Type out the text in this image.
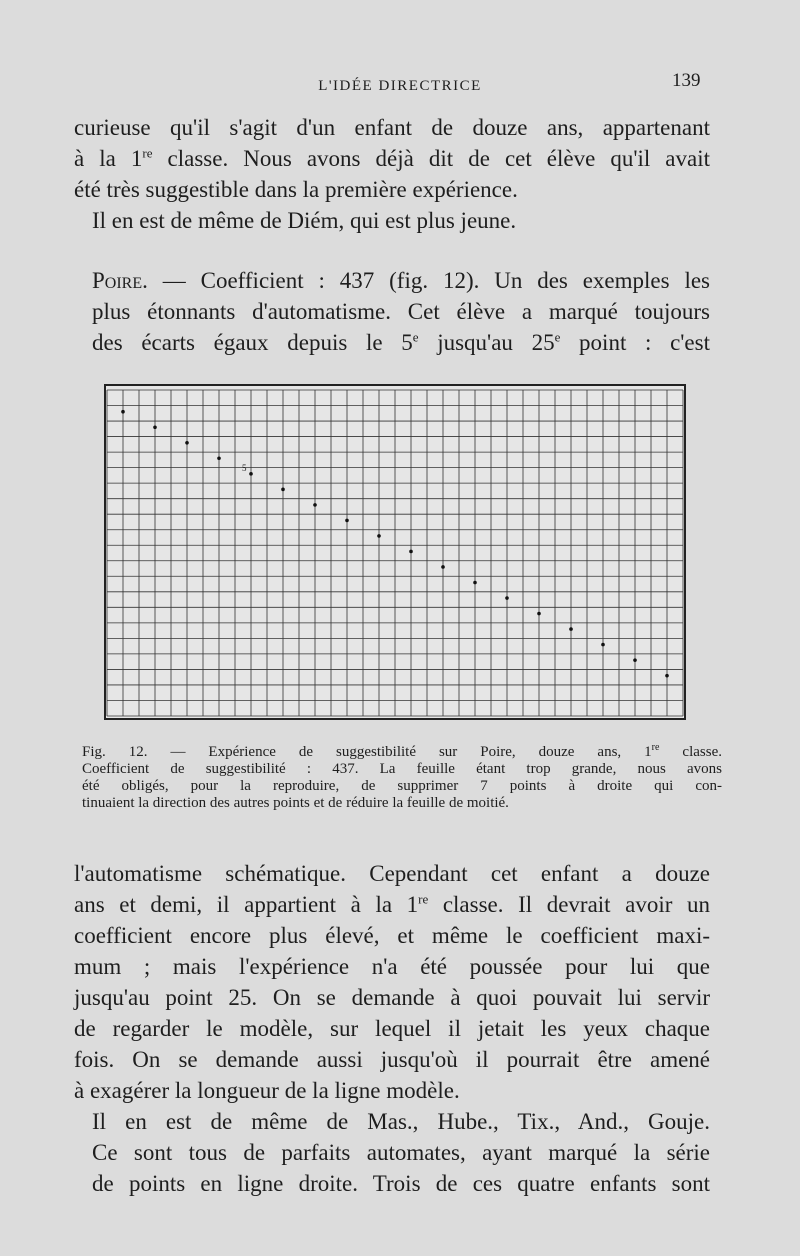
L'IDÉE DIRECTRICE	139

curieuse qu'il s'agit d'un enfant de douze ans, appartenant
à la 1re classe. Nous avons déjà dit de cet élève qu'il avait
été très suggestible dans la première expérience.

Il en est de même de Diém, qui est plus jeune.

Poire. — Coefficient : 437 (fig. 12). Un des exemples les
plus étonnants d'automatisme. Cet élève a marqué toujours
des écarts égaux depuis le 5e jusqu'au 25e point : c'est

5

Fig. 12. — Expérience de suggestibilité sur Poire, douze ans, 1re classe.
Coefficient de suggestibilité : 437. La feuille étant trop grande, nous avons
été obligés, pour la reproduire, de supprimer 7 points à droite qui con-
tinuaient la direction des autres points et de réduire la feuille de moitié.

l'automatisme schématique. Cependant cet enfant a douze
ans et demi, il appartient à la 1re classe. Il devrait avoir un
coefficient encore plus élevé, et même le coefficient maxi-
mum ; mais l'expérience n'a été poussée pour lui que
jusqu'au point 25. On se demande à quoi pouvait lui servir
de regarder le modèle, sur lequel il jetait les yeux chaque
fois. On se demande aussi jusqu'où il pourrait être amené
à exagérer la longueur de la ligne modèle.

Il en est de même de Mas., Hube., Tix., And., Gouje.
Ce sont tous de parfaits automates, ayant marqué la série
de points en ligne droite. Trois de ces quatre enfants sont
